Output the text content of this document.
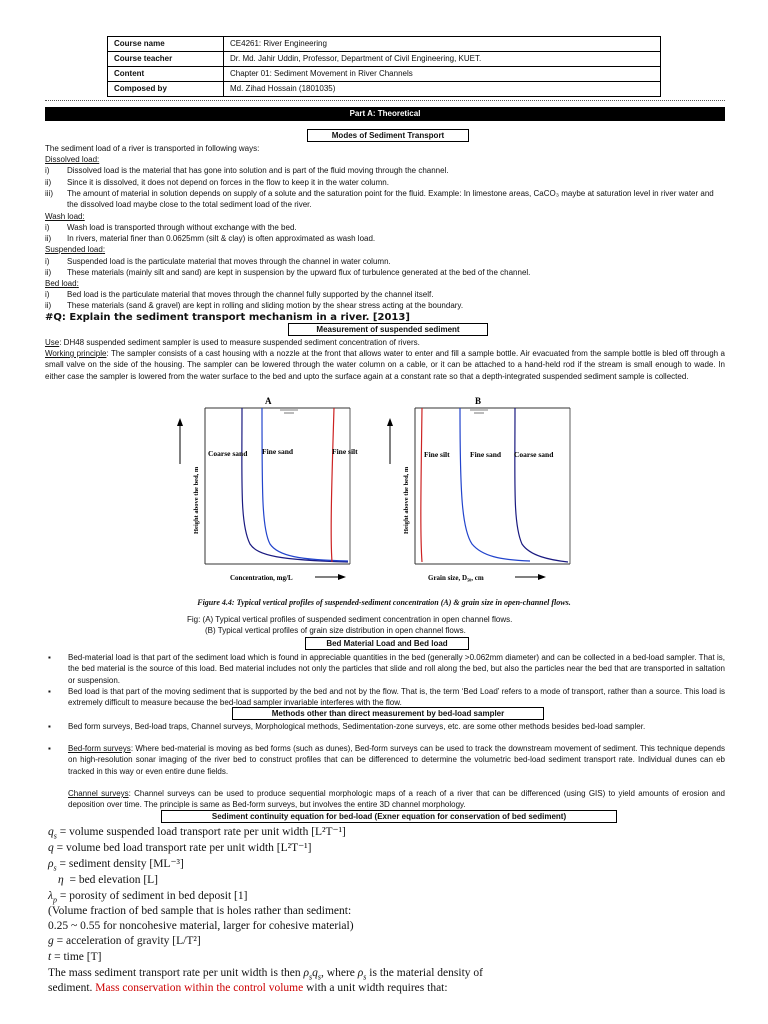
Course name	CE4261: River Engineering
Course teacher	Dr. Md. Jahir Uddin, Professor, Department of Civil Engineering, KUET.
Content	Chapter 01: Sediment Movement in River Channels
Composed by	Md. Zihad Hossain (1801035)
Part A: Theoretical
Modes of Sediment Transport
The sediment load of a river is transported in following ways:
Dissolved load:
i) Dissolved load is the material that has gone into solution and is part of the fluid moving through the channel.
ii) Since it is dissolved, it does not depend on forces in the flow to keep it in the water column.
iii) The amount of material in solution depends on supply of a solute and the saturation point for the fluid. Example: In limestone areas, CaCO₃ maybe at saturation level in river water and the dissolved load maybe close to the total sediment load of the river.
Wash load:
i) Wash load is transported through without exchange with the bed.
ii) In rivers, material finer than 0.0625mm (silt & clay) is often approximated as wash load.
Suspended load:
i) Suspended load is the particulate material that moves through the channel in water column.
ii) These materials (mainly silt and sand) are kept in suspension by the upward flux of turbulence generated at the bed of the channel.
Bed load:
i) Bed load is the particulate material that moves through the channel fully supported by the channel itself.
ii) These materials (sand & gravel) are kept in rolling and sliding motion by the shear stress acting at the boundary.
#Q: Explain the sediment transport mechanism in a river. [2013]
Measurement of suspended sediment
Use: DH48 suspended sediment sampler is used to measure suspended sediment concentration of rivers.
Working principle: The sampler consists of a cast housing with a nozzle at the front that allows water to enter and fill a sample bottle. Air evacuated from the sample bottle is bled off through a small valve on the side of the housing. The sampler can be lowered through the water column on a cable, or it can be attached to a hand-held rod if the stream is small enough to wade. In either case the sampler is lowered from the water surface to the bed and upto the surface again at a constant rate so that a depth-integrated suspended sediment sample is collected.
A
Coarse sand Fine sand	Fine silt
Height above the bed, m
Concentration, mg/L
B
Fine silt	Fine sand Coarse sand
Height above the bed, m
Grain size, D₅₀, cm
Figure 4.4: Typical vertical profiles of suspended-sediment concentration (A) & grain size in open-channel flows.
Fig: (A) Typical vertical profiles of suspended sediment concentration in open channel flows.
(B) Typical vertical profiles of grain size distribution in open channel flows.
Bed Material Load and Bed load
▪ Bed-material load is that part of the sediment load which is found in appreciable quantities in the bed (generally >0.062mm diameter) and can be collected in a bed-load sampler. That is, the bed material is the source of this load. Bed material includes not only the particles that slide and roll along the bed, but also the particles near the bed that are transported in saltation or suspension.
▪ Bed load is that part of the moving sediment that is supported by the bed and not by the flow. That is, the term ‘Bed Load’ refers to a mode of transport, rather than a source. This load is extremely difficult to measure because the bed-load sampler invariable interferes with the flow.
Methods other than direct measurement by bed-load sampler
▪ Bed form surveys, Bed-load traps, Channel surveys, Morphological methods, Sedimentation-zone surveys, etc. are some other methods besides bed-load sampler.
▪ Bed-form surveys: Where bed-material is moving as bed forms (such as dunes), Bed-form surveys can be used to track the downstream movement of sediment. This technique depends on high-resolution sonar imaging of the river bed to construct profiles that can be differenced to determine the volumetric bed-load sediment transport rate. Individual dunes can eb tracked in this way or even entire dune fields.
Channel surveys: Channel surveys can be used to produce sequential morphologic maps of a reach of a river that can be differenced (using GIS) to yield amounts of erosion and deposition over time. The principle is same as Bed-form surveys, but involves the entire 3D channel morphology.
Sediment continuity equation for bed-load (Exner equation for conservation of bed sediment)
$q_s$ = volume suspended load transport rate per unit width [L²T⁻¹]
q = volume bed load transport rate per unit width [L²T⁻¹]
$\rho_s$ = sediment density [ML⁻³]
η = bed elevation [L]
$\lambda_p$ = porosity of sediment in bed deposit [1]
(Volume fraction of bed sample that is holes rather than sediment:
0.25 ~ 0.55 for noncohesive material, larger for cohesive material)
g = acceleration of gravity [L/T²]
t = time [T]
The mass sediment transport rate per unit width is then $\rho_sq_s$, where $\rho_s$ is the material density of
sediment. Mass conservation within the control volume with a unit width requires that:
